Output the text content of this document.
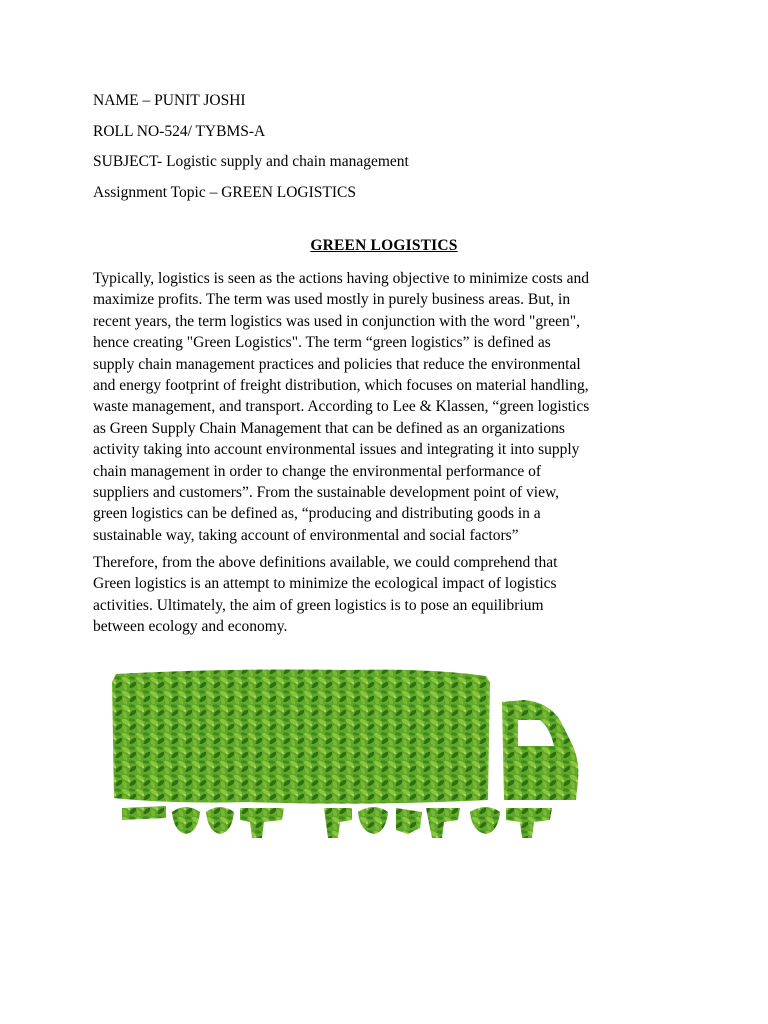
NAME – PUNIT JOSHI
ROLL NO-524/ TYBMS-A
SUBJECT- Logistic supply and chain management
Assignment Topic – GREEN LOGISTICS
GREEN LOGISTICS
Typically, logistics is seen as the actions having objective to minimize costs and
maximize profits. The term was used mostly in purely business areas. But, in
recent years, the term logistics was used in conjunction with the word "green",
hence creating "Green Logistics". The term “green logistics” is defined as
supply chain management practices and policies that reduce the environmental
and energy footprint of freight distribution, which focuses on material handling,
waste management, and transport. According to Lee & Klassen, “green logistics
as Green Supply Chain Management that can be defined as an organizations
activity taking into account environmental issues and integrating it into supply
chain management in order to change the environmental performance of
suppliers and customers”. From the sustainable development point of view,
green logistics can be defined as, “producing and distributing goods in a
sustainable way, taking account of environmental and social factors”
Therefore, from the above definitions available, we could comprehend that
Green logistics is an attempt to minimize the ecological impact of logistics
activities. Ultimately, the aim of green logistics is to pose an equilibrium
between ecology and economy.
